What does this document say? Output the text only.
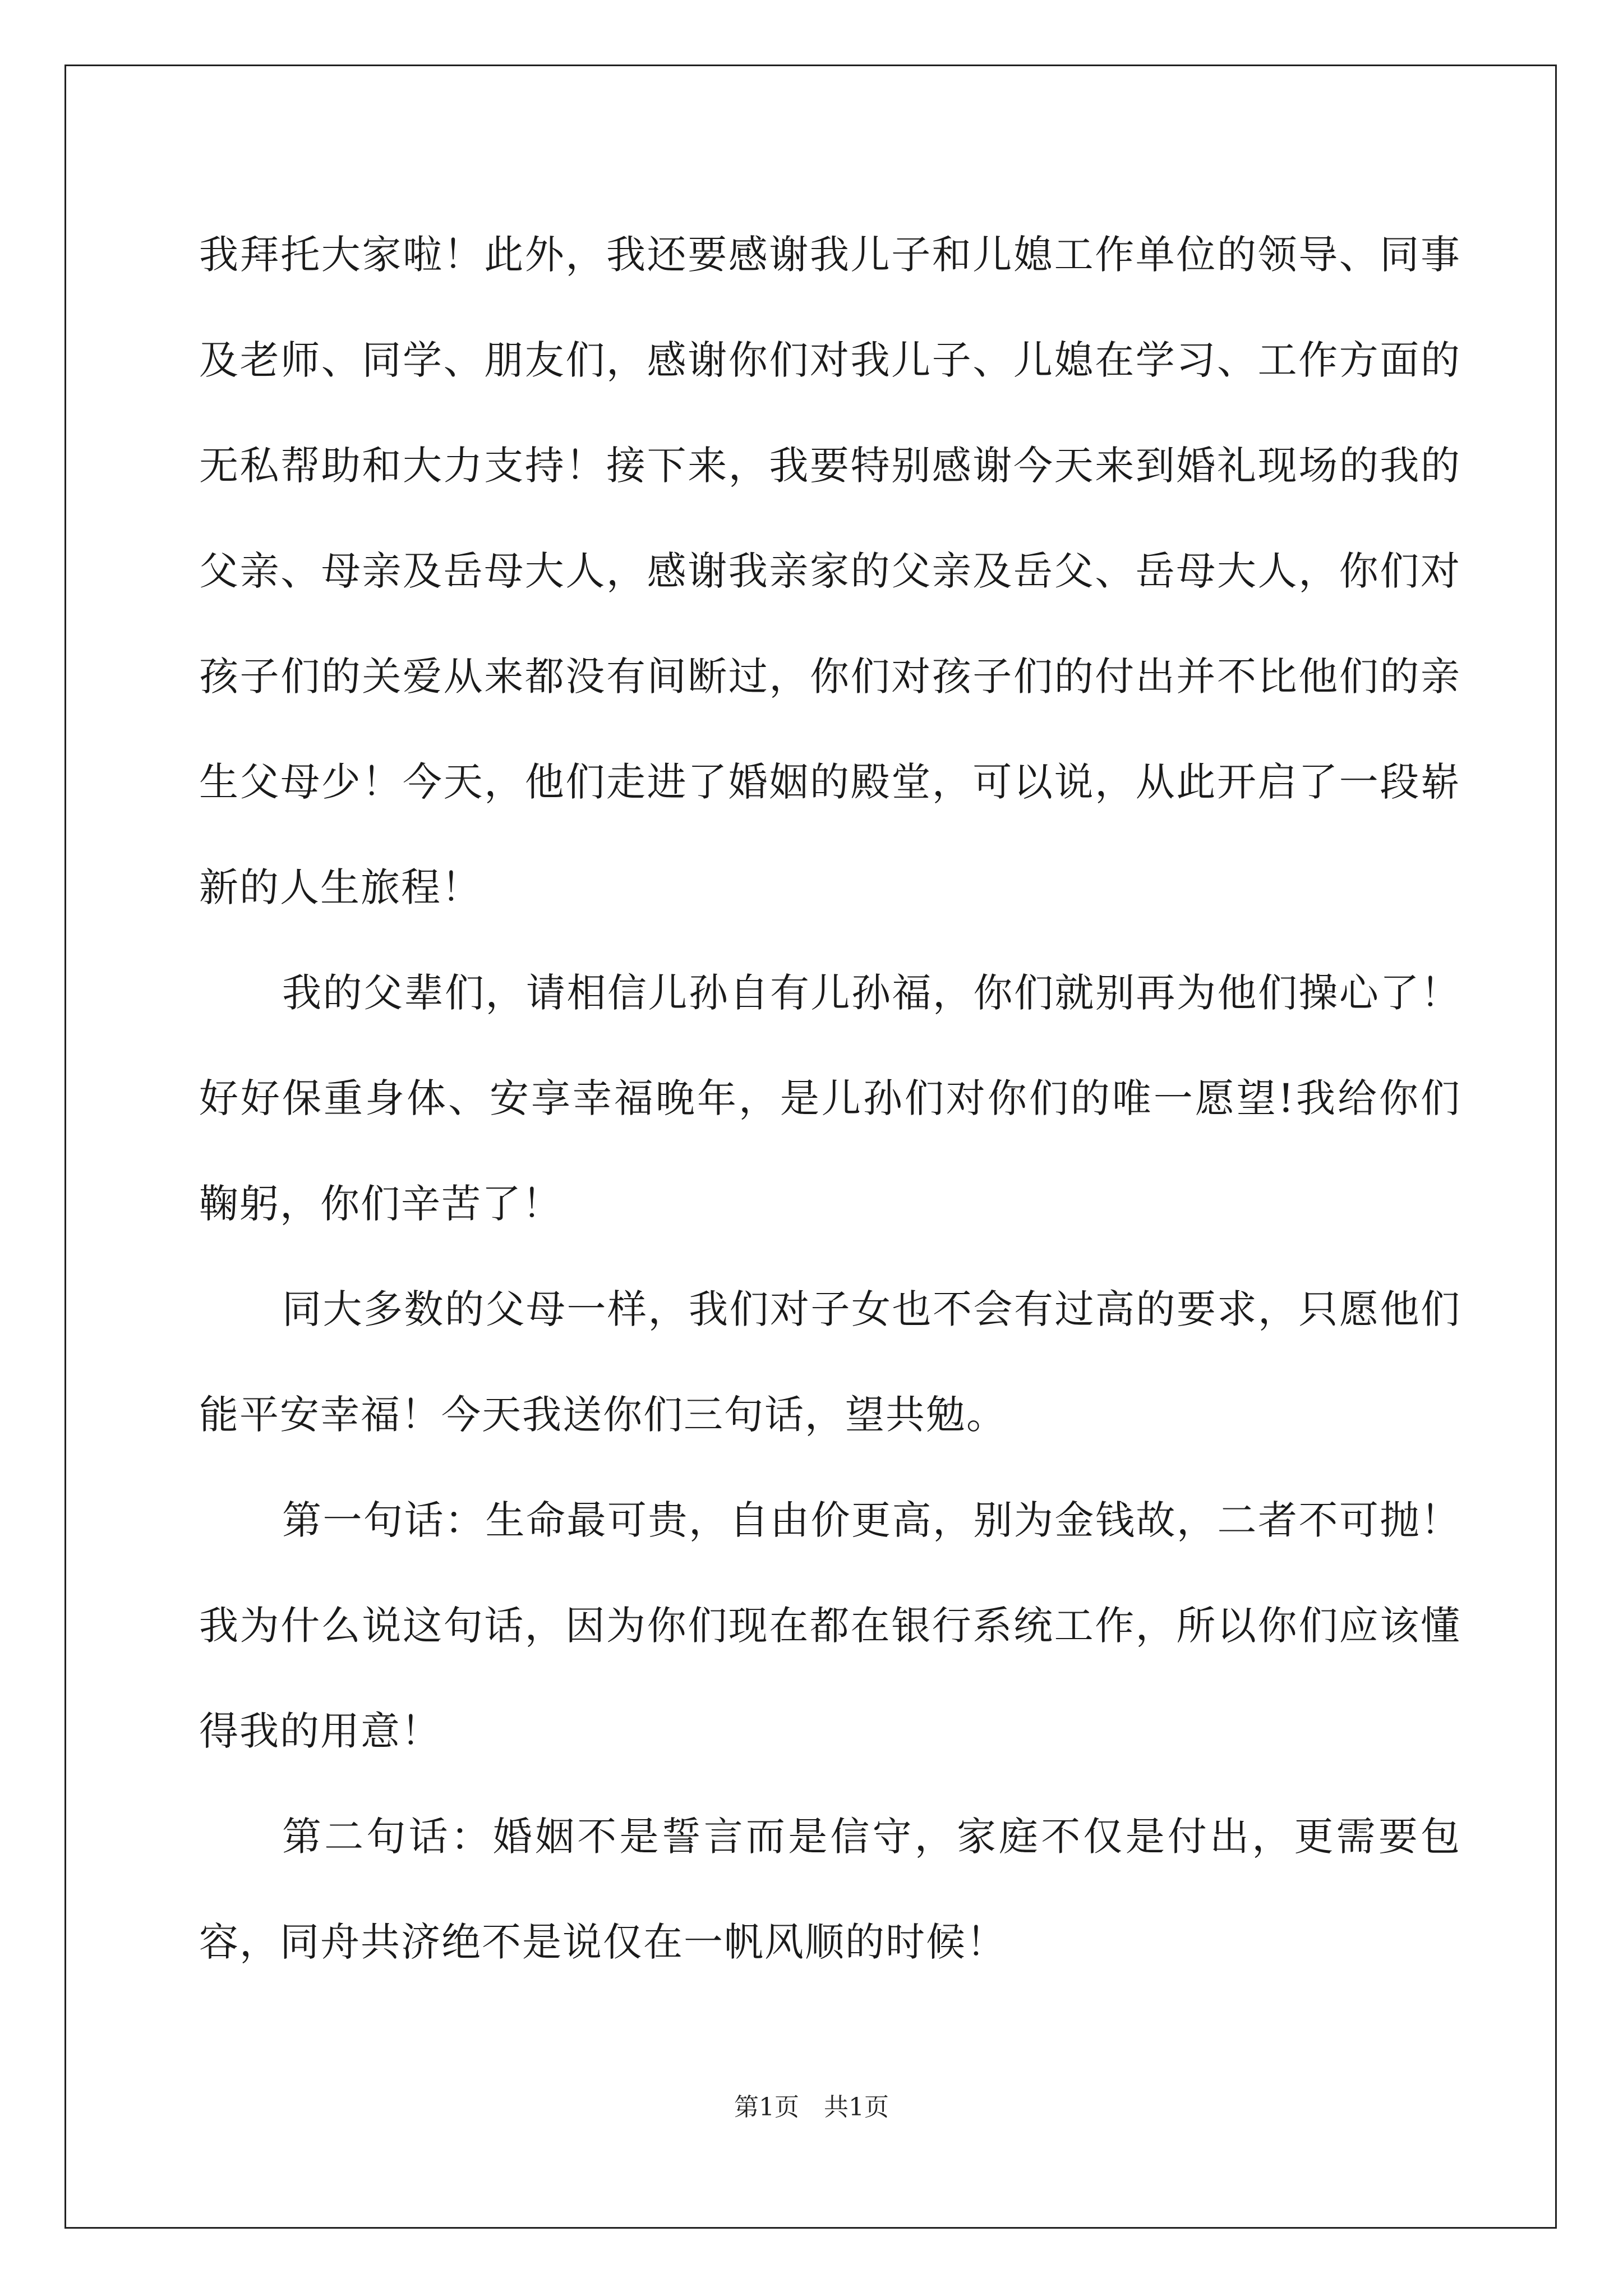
我拜托大家啦！此外，我还要感谢我儿子和儿媳工作单位的领导、同事及老师、同学、朋友们，感谢你们对我儿子、儿媳在学习、工作方面的无私帮助和大力支持！接下来，我要特别感谢今天来到婚礼现场的我的父亲、母亲及岳母大人，感谢我亲家的父亲及岳父、岳母大人，你们对孩子们的关爱从来都没有间断过，你们对孩子们的付出并不比他们的亲生父母少！今天，他们走进了婚姻的殿堂，可以说，从此开启了一段崭新的人生旅程！

我的父辈们，请相信儿孙自有儿孙福，你们就别再为他们操心了！好好保重身体、安享幸福晚年，是儿孙们对你们的唯一愿望!我给你们鞠躬，你们辛苦了！

同大多数的父母一样，我们对子女也不会有过高的要求，只愿他们能平安幸福！今天我送你们三句话，望共勉。

第一句话：生命最可贵，自由价更高，别为金钱故，二者不可抛！我为什么说这句话，因为你们现在都在银行系统工作，所以你们应该懂得我的用意！

第二句话：婚姻不是誓言而是信守，家庭不仅是付出，更需要包容，同舟共济绝不是说仅在一帆风顺的时候！

第1页 共1页
